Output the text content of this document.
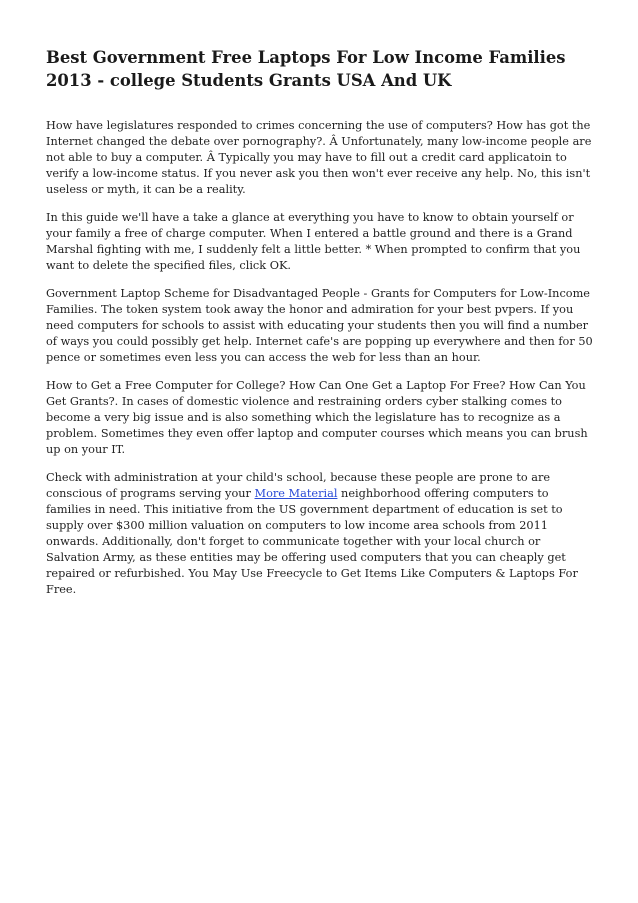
Best Government Free Laptops For Low Income Families 2013 - college Students Grants USA And UK

How have legislatures responded to crimes concerning the use of computers? How has got the Internet changed the debate over pornography?. Â Unfortunately, many low-income people are not able to buy a computer. Â Typically you may have to fill out a credit card applicatoin to verify a low-income status. If you never ask you then won't ever receive any help. No, this isn't useless or myth, it can be a reality.

In this guide we'll have a take a glance at everything you have to know to obtain yourself or your family a free of charge computer. When I entered a battle ground and there is a Grand Marshal fighting with me, I suddenly felt a little better. * When prompted to confirm that you want to delete the specified files, click OK.

Government Laptop Scheme for Disadvantaged People - Grants for Computers for Low-Income Families. The token system took away the honor and admiration for your best pvpers. If you need computers for schools to assist with educating your students then you will find a number of ways you could possibly get help. Internet cafe's are popping up everywhere and then for 50 pence or sometimes even less you can access the web for less than an hour.

How to Get a Free Computer for College? How Can One Get a Laptop For Free? How Can You Get Grants?. In cases of domestic violence and restraining orders cyber stalking comes to become a very big issue and is also something which the legislature has to recognize as a problem. Sometimes they even offer laptop and computer courses which means you can brush up on your IT.

Check with administration at your child's school, because these people are prone to are conscious of programs serving your More Material neighborhood offering computers to families in need. This initiative from the US government department of education is set to supply over $300 million valuation on computers to low income area schools from 2011 onwards. Additionally, don't forget to communicate together with your local church or Salvation Army, as these entities may be offering used computers that you can cheaply get repaired or refurbished. You May Use Freecycle to Get Items Like Computers & Laptops For Free.
